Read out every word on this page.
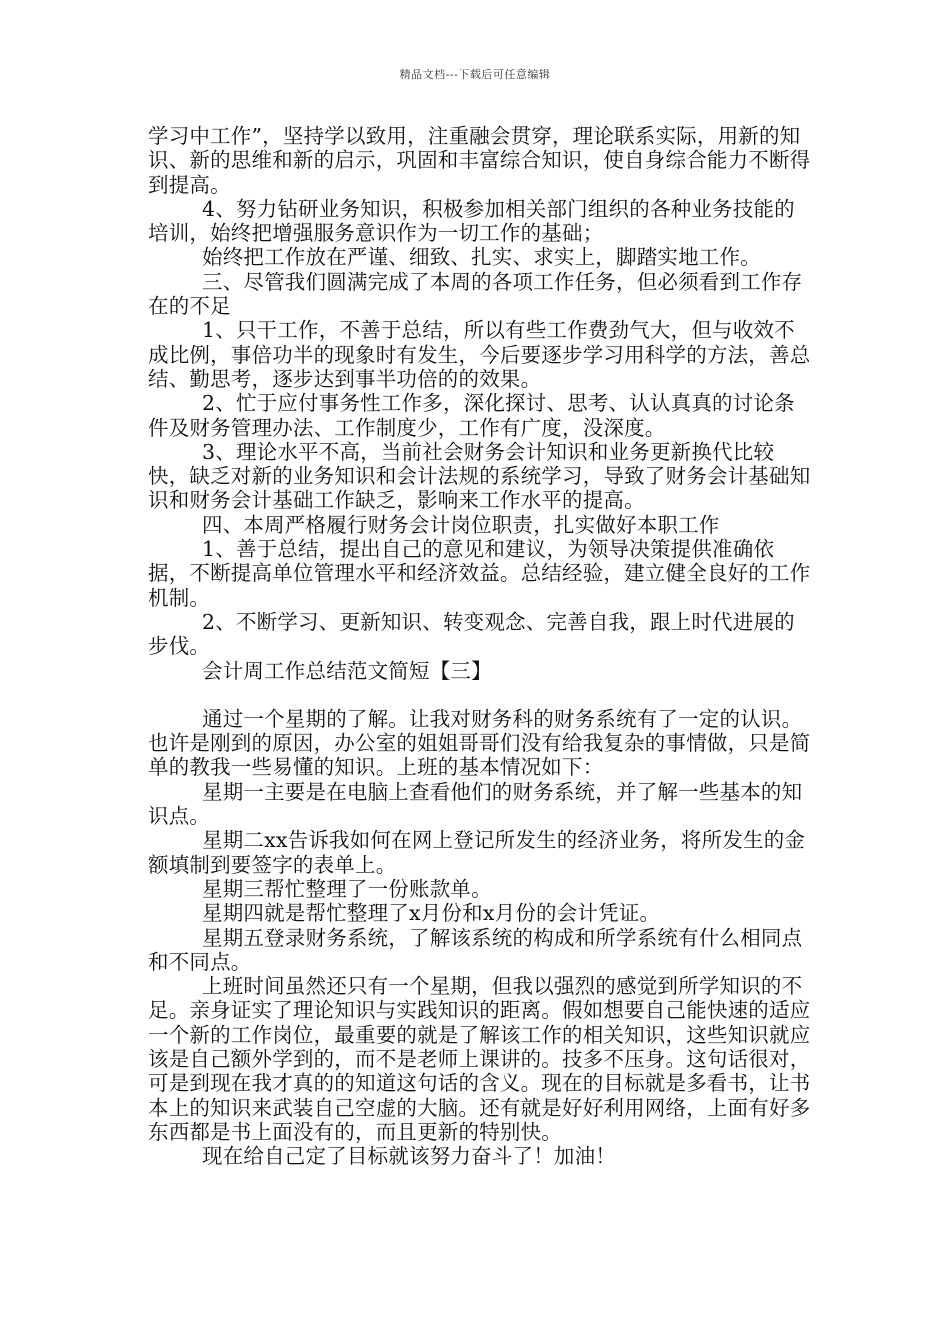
精品文档---下载后可任意编辑

学习中工作”，坚持学以致用，注重融会贯穿，理论联系实际，用新的知识、新的思维和新的启示，巩固和丰富综合知识，使自身综合能力不断得到提高。

4、努力钻研业务知识，积极参加相关部门组织的各种业务技能的培训，始终把增强服务意识作为一切工作的基础；

始终把工作放在严谨、细致、扎实、求实上，脚踏实地工作。

三、尽管我们圆满完成了本周的各项工作任务，但必须看到工作存在的不足

1、只干工作，不善于总结，所以有些工作费劲气大，但与收效不成比例，事倍功半的现象时有发生，今后要逐步学习用科学的方法，善总结、勤思考，逐步达到事半功倍的的效果。

2、忙于应付事务性工作多，深化探讨、思考、认认真真的讨论条件及财务管理办法、工作制度少，工作有广度，没深度。

3、理论水平不高，当前社会财务会计知识和业务更新换代比较快，缺乏对新的业务知识和会计法规的系统学习，导致了财务会计基础知识和财务会计基础工作缺乏，影响来工作水平的提高。

四、本周严格履行财务会计岗位职责，扎实做好本职工作

1、善于总结，提出自己的意见和建议，为领导决策提供准确依据，不断提高单位管理水平和经济效益。总结经验，建立健全良好的工作机制。

2、不断学习、更新知识、转变观念、完善自我，跟上时代进展的步伐。

会计周工作总结范文简短【三】

通过一个星期的了解。让我对财务科的财务系统有了一定的认识。也许是刚到的原因，办公室的姐姐哥哥们没有给我复杂的事情做，只是简单的教我一些易懂的知识。上班的基本情况如下：

星期一主要是在电脑上查看他们的财务系统，并了解一些基本的知识点。

星期二xx告诉我如何在网上登记所发生的经济业务，将所发生的金额填制到要签字的表单上。

星期三帮忙整理了一份账款单。

星期四就是帮忙整理了x月份和x月份的会计凭证。

星期五登录财务系统，了解该系统的构成和所学系统有什么相同点和不同点。

上班时间虽然还只有一个星期，但我以强烈的感觉到所学知识的不足。亲身证实了理论知识与实践知识的距离。假如想要自己能快速的适应一个新的工作岗位，最重要的就是了解该工作的相关知识，这些知识就应该是自己额外学到的，而不是老师上课讲的。技多不压身。这句话很对，可是到现在我才真的的知道这句话的含义。现在的目标就是多看书，让书本上的知识来武装自己空虚的大脑。还有就是好好利用网络，上面有好多东西都是书上面没有的，而且更新的特别快。

现在给自己定了目标就该努力奋斗了！加油！
